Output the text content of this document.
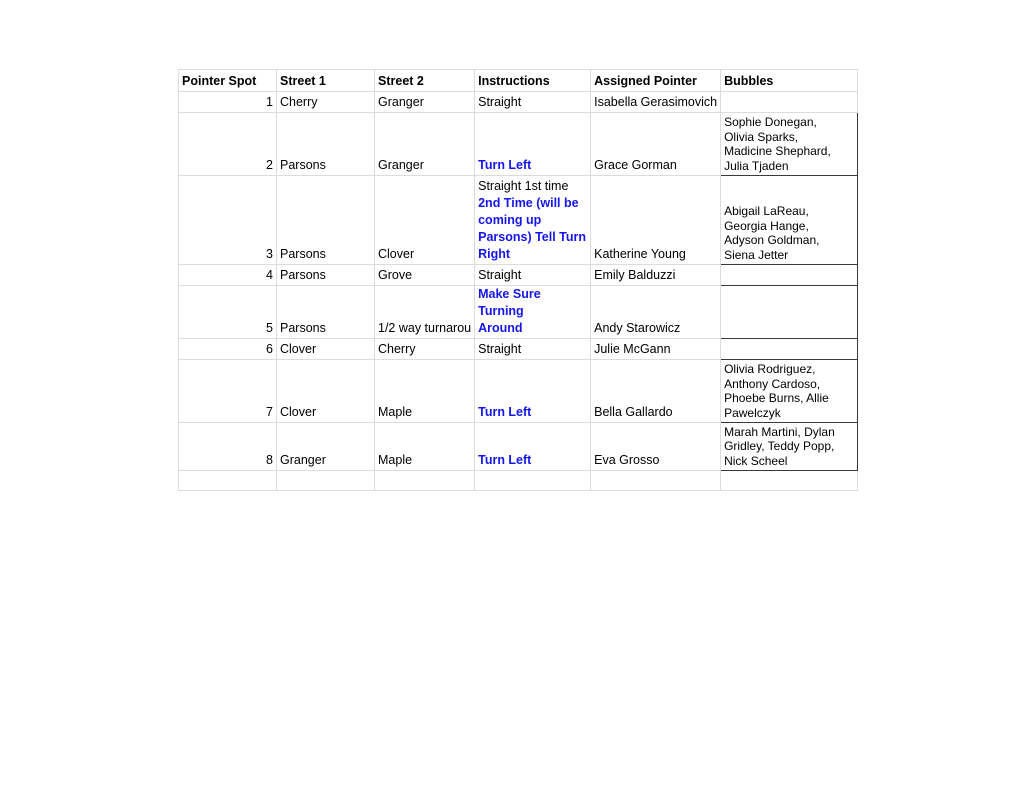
Pointer Spot	Street 1	Street 2	Instructions	Assigned Pointer	Bubbles
1	Cherry	Granger	Straight	Isabella Gerasimovich	
2	Parsons	Granger	Turn Left	Grace Gorman	Sophie Donegan,
Olivia Sparks,
Madicine Shephard,
Julia Tjaden

3	Parsons	Clover	Straight 1st time
2nd Time (will be
coming up
Parsons) Tell Turn
Right	Katherine Young	Abigail LaReau,
Georgia Hange,
Adyson Goldman,
Siena Jetter

4	Parsons	Grove	Straight	Emily Balduzzi	
5	Parsons	1/2 way turnarou	Make Sure Turning
Around	Andy Starowicz	
6	Clover	Cherry	Straight	Julie McGann	
7	Clover	Maple	Turn Left	Bella Gallardo	Olivia Rodriguez,
Anthony Cardoso,
Phoebe Burns, Allie
Pawelczyk

8	Granger	Maple	Turn Left	Eva Grosso	Marah Martini, Dylan
Gridley, Teddy Popp,
Nick Scheel
